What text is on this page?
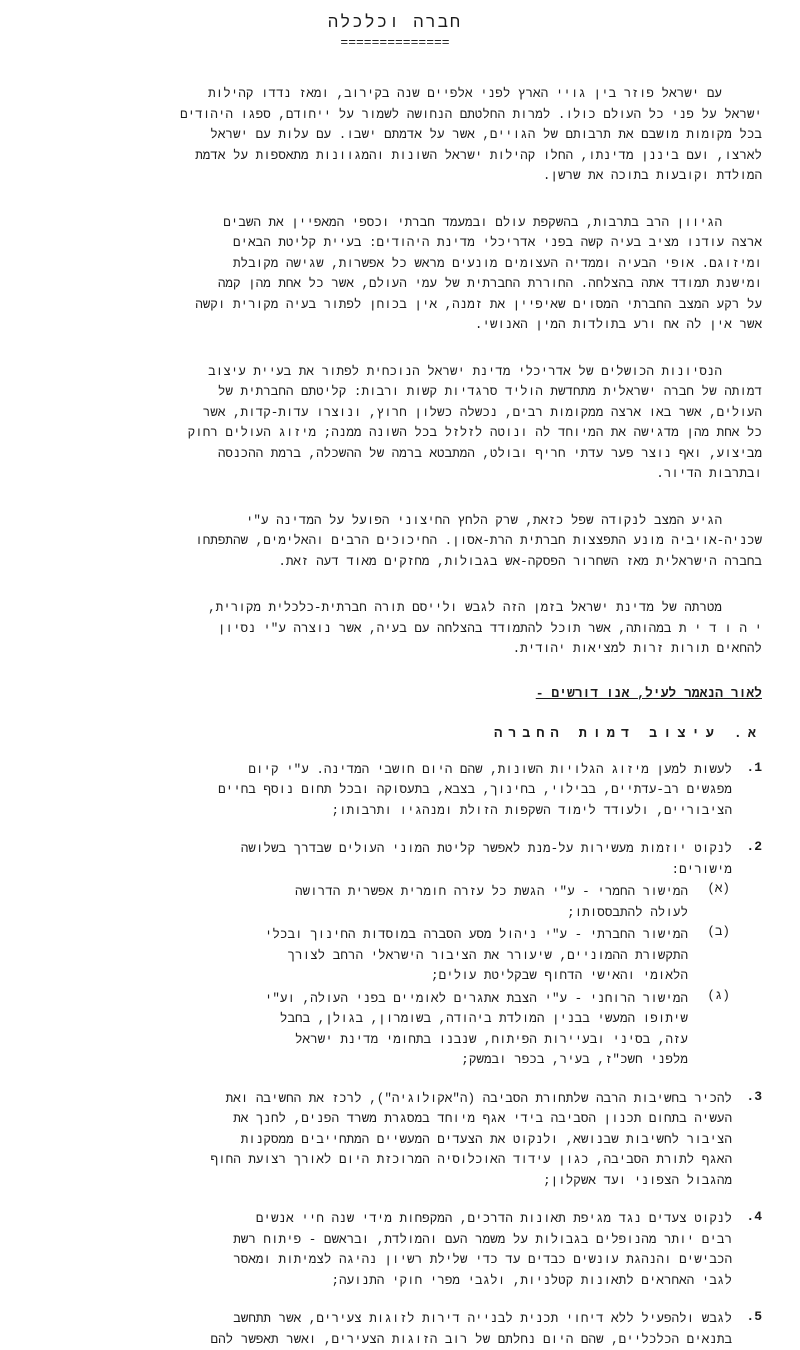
חברה וכלכלה
==============

עם ישראל פוזר בין גויי הארץ לפני אלפיים שנה בקירוב, ומאז נדדו קהילות

ישראל על פני כל העולם כולו. למרות החלטתם הנחושה לשמור על ייחודם, ספגו היהודים

בכל מקומות מושבם את תרבותם של הגויים, אשר על אדמתם ישבו. עם עלות עם ישראל

לארצו, ועם ביננן מדינתו, החלו קהילות ישראל השונות והמגוונות מתאספות על אדמת

המולדת וקובעות בתוכה את שרשן.

הגיוון הרב בתרבות, בהשקפת עולם ובמעמד חברתי וכספי המאפיין את השבים

ארצה עודנו מציב בעיה קשה בפני אדריכלי מדינת היהודים: בעיית קליטת הבאים

ומיזוגם. אופי הבעיה וממדיה העצומים מונעים מראש כל אפשרות, שגישה מקובלת

ומישנת תמודד אתה בהצלחה. החוררת החברתית של עמי העולם, אשר כל אחת מהן קמה

על רקע המצב החברתי המסוים שאיפיין את זמנה, אין בכוחן לפתור בעיה מקורית וקשה

אשר אין לה אח ורע בתולדות המין האנושי.

הנסיונות הכושלים של אדריכלי מדינת ישראל הנוכחית לפתור את בעיית עיצוב

דמותה של חברה ישראלית מתחדשת הוליד סרגדיות קשות ורבות: קליטתם החברתית של

העולים, אשר באו ארצה ממקומות רבים, נכשלה כשלון חרוץ, ונוצרו עדות-קדות, אשר

כל אחת מהן מדגישה את המיוחד לה ונוטה לזלזל בכל השונה ממנה; מיזוג העולים רחוק

מביצוע, ואף נוצר פער עדתי חריף ובולט, המתבטא ברמה של ההשכלה, ברמת ההכנסה

ובתרבות הדיור.

הגיע המצב לנקודה שפל כזאת, שרק הלחץ החיצוני הפועל על המדינה ע"י

שכניה-אויביה מונע התפצצות חברתית הרת-אסון. החיכוכים הרבים והאלימים, שהתפתחו

בחברה הישראלית מאז השחרור הפסקה-אש בגבולות, מחזקים מאוד דעה זאת.

מטרתה של מדינת ישראל בזמן הזה לגבש ולייסם תורה חברתית-כלכלית מקורית,

י ה ו ד י ת במהותה, אשר תוכל להתמודד בהצלחה עם בעיה, אשר נוצרה ע"י נסיון

להחאים תורות זרות למציאות יהודית.

לאור הנאמר לעיל, אנו דורשים -
א. עיצוב דמות החברה
1.

לעשות למען מיזוג הגלויות השונות, שהם היום חושבי המדינה. ע"י קיום

מפגשים רב-עדתיים, בבילוי, בחינוך, בצבא, בתעסוקה ובכל תחום נוסף בחיים

הציבוריים, ולעודד לימוד השקפות הזולת ומנהגיו ותרבותו;

2.

לנקוט יוזמות מעשירות על-מנת לאפשר קליטת המוני העולים שבדרך בשלושה

מישורים:

(א)

המישור החמרי - ע"י הגשת כל עזרה חומרית אפשרית הדרושה

לעולה להתבססותו;

(ב)

המישור החברתי - ע"י ניהול מסע הסברה במוסדות החינוך ובכלי

התקשורת ההמוניים, שיעורר את הציבור הישראלי הרחב לצורך

הלאומי והאישי הדחוף שבקליטת עולים;

(ג)

המישור הרוחני - ע"י הצבת אתגרים לאומיים בפני העולה, וע"י

שיתופו המעשי בבנין המולדת ביהודה, בשומרון, בגולן, בחבל

עזה, בסיני ובעיירות הפיתוח, שנבנו בתחומי מדינת ישראל

מלפני חשכ"ז, בעיר, בכפר ובמשק;

3.

להכיר בחשיבות הרבה שלתחורת הסביבה (ה"אקולוגיה"), לרכז את החשיבה ואת

העשיה בתחום תכנון הסביבה בידי אגף מיוחד במסגרת משרד הפנים, לחנך את

הציבור לחשיבות שבנושא, ולנקוט את הצעדים המעשיים המתחייבים ממסקנות

האגף לתורת הסביבה, כגון עידוד האוכלוסיה המרוכזת היום לאורך רצועת החוף

מהגבול הצפוני ועד אשקלון;

4.

לנקוט צעדים נגד מגיפת תאונות הדרכים, המקפחות מידי שנה חיי אנשים

רבים יותר מהנופלים בגבולות על משמר העם והמולדת, ובראשם - פיתוח רשת

הכבישים והנהגת עונשים כבדים עד כדי שלילת רשיון נהיגה לצמיתות ומאסר

לגבי האחראים לתאונות קטלניות, ולגבי מפרי חוקי התנועה;

5.

לגבש ולהפעיל ללא דיחוי תכנית לבנייה דירות לזוגות צעירים, אשר תתחשב

בתנאים הכלכליים, שהם היום נחלתם של רוב הזוגות הצעירים, ואשר תאפשר להם
